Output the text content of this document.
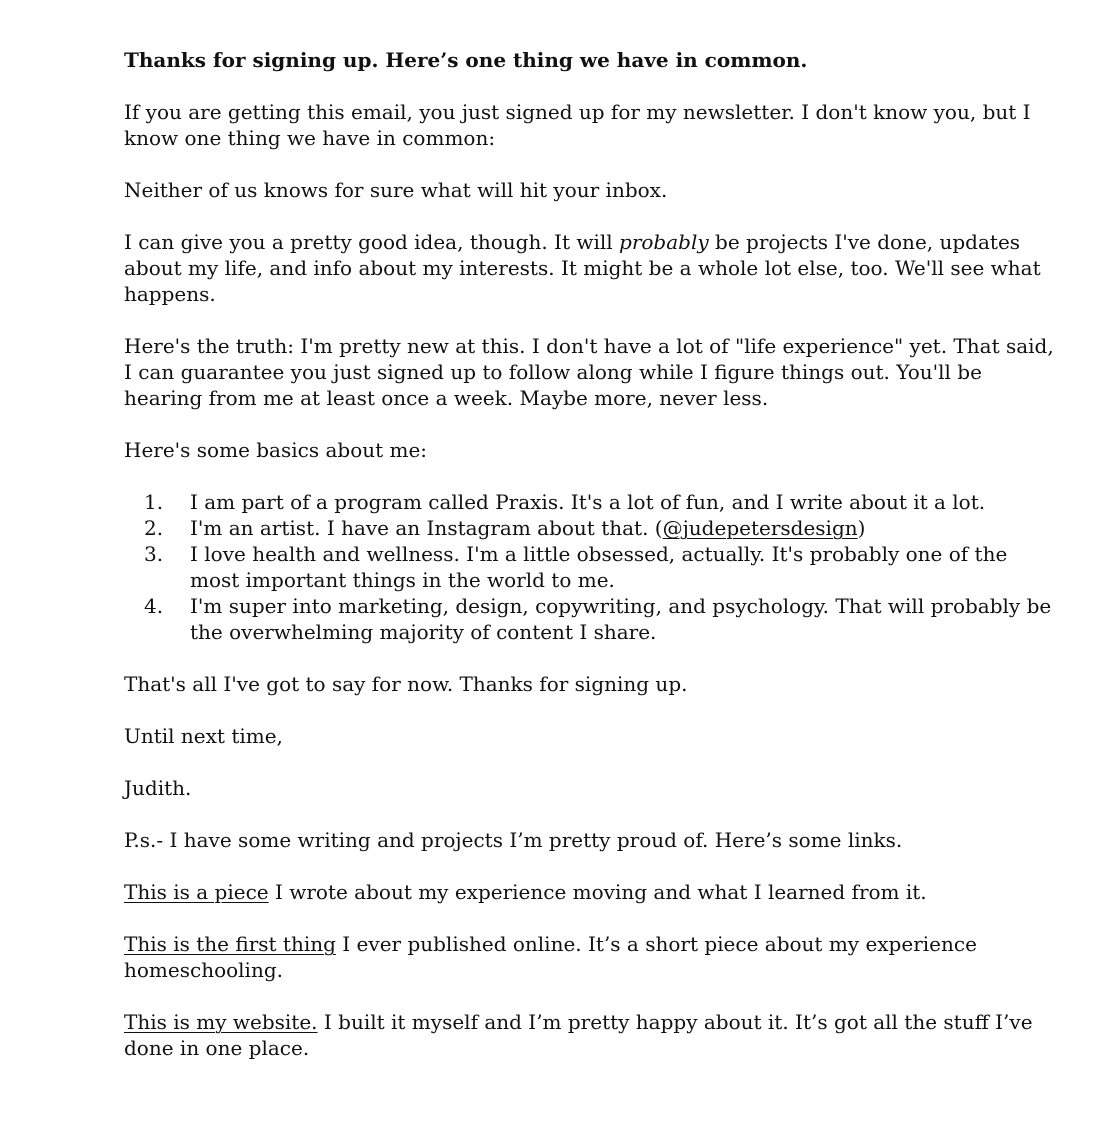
Thanks for signing up. Here’s one thing we have in common.

If you are getting this email, you just signed up for my newsletter. I don't know you, but I know one thing we have in common:

Neither of us knows for sure what will hit your inbox.

I can give you a pretty good idea, though. It will probably be projects I've done, updates about my life, and info about my interests. It might be a whole lot else, too. We'll see what happens.

Here's the truth: I'm pretty new at this. I don't have a lot of "life experience" yet. That said, I can guarantee you just signed up to follow along while I figure things out. You'll be hearing from me at least once a week. Maybe more, never less.

Here's some basics about me:

1.	I am part of a program called Praxis. It's a lot of fun, and I write about it a lot.
2.	I'm an artist. I have an Instagram about that. (@judepetersdesign)
3.	I love health and wellness. I'm a little obsessed, actually. It's probably one of the most important things in the world to me.
4.	I'm super into marketing, design, copywriting, and psychology. That will probably be the overwhelming majority of content I share.

That's all I've got to say for now. Thanks for signing up.

Until next time,

Judith.

P.s.- I have some writing and projects I’m pretty proud of. Here’s some links.

This is a piece I wrote about my experience moving and what I learned from it.

This is the first thing I ever published online. It’s a short piece about my experience homeschooling.

This is my website. I built it myself and I’m pretty happy about it. It’s got all the stuff I’ve done in one place.
